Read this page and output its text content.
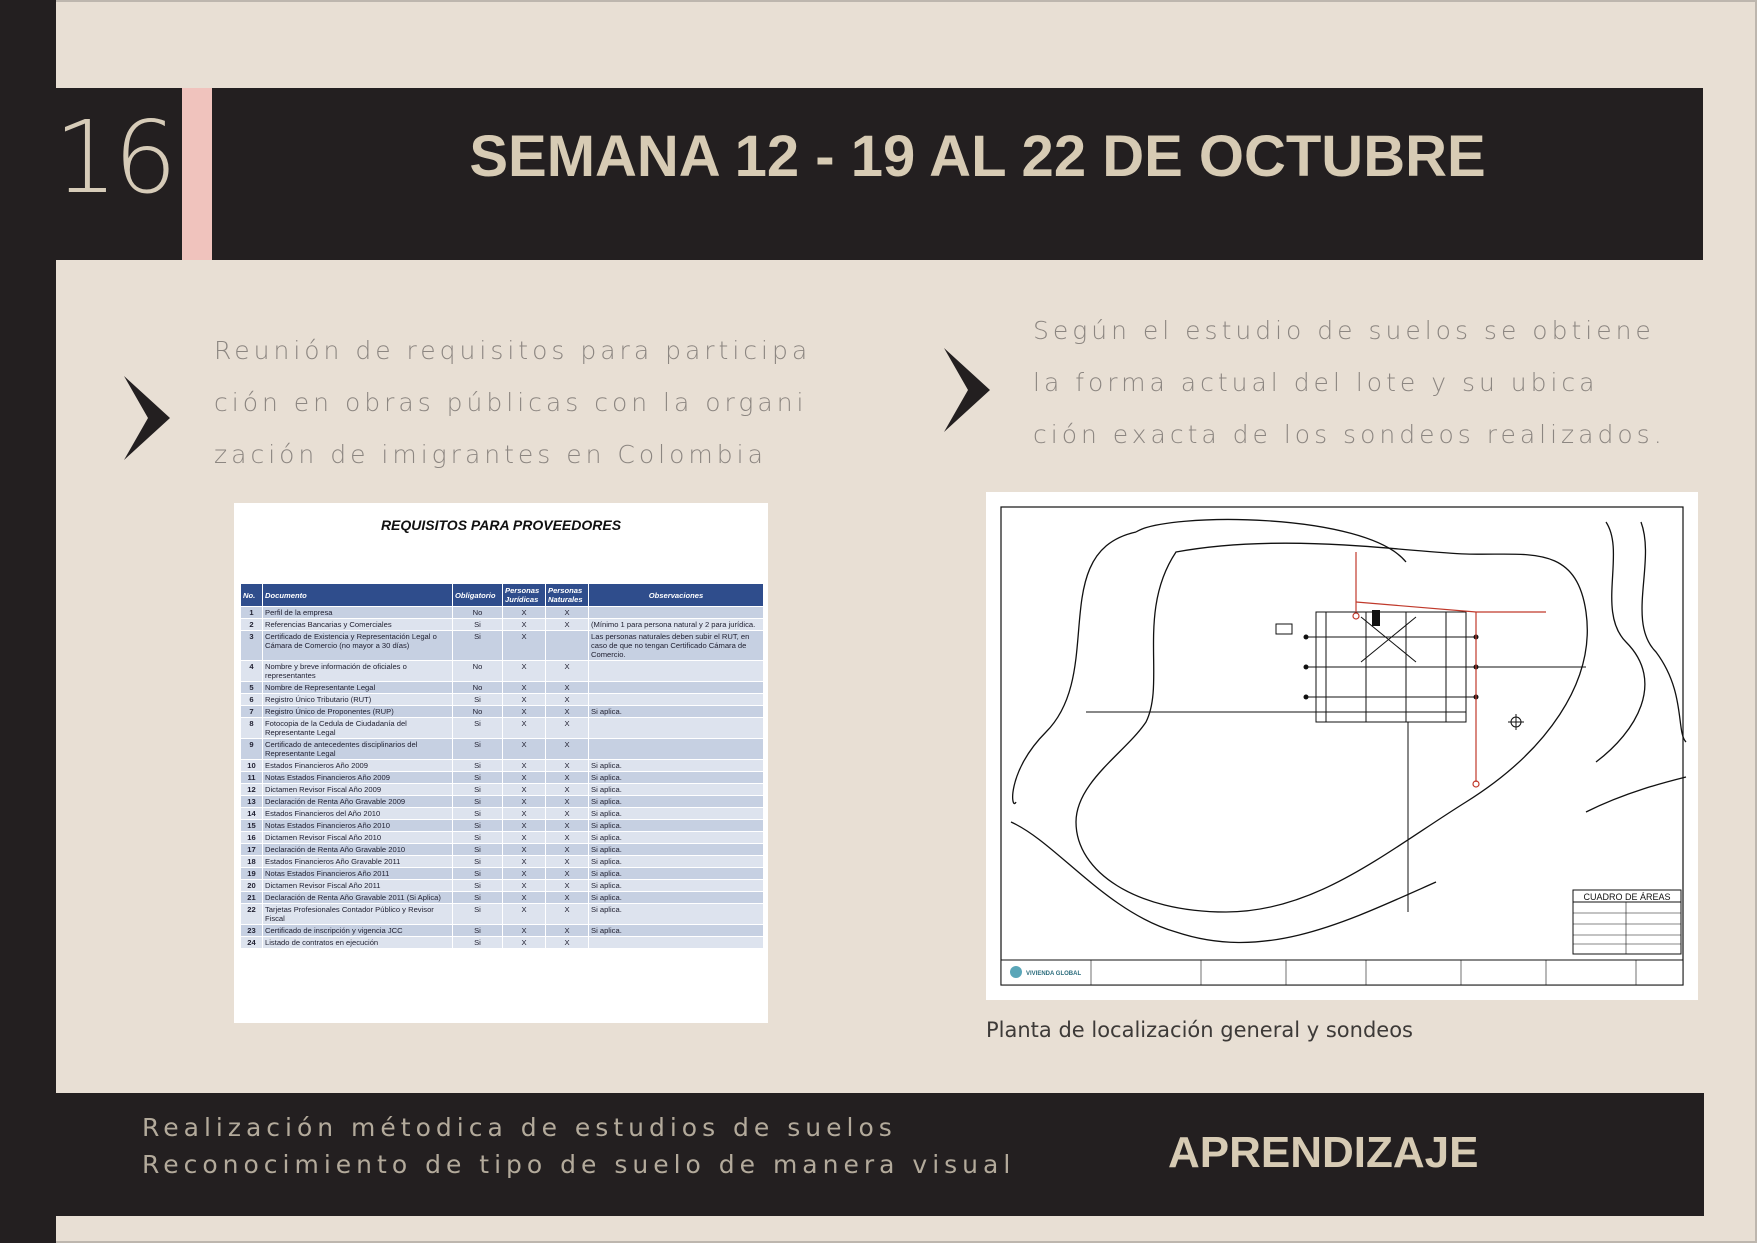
16	SEMANA 12 - 19 AL 22 DE OCTUBRE
Reunión de requisitos para participa
ción en obras públicas con la organi
zación de imigrantes en Colombia
Según el estudio de suelos se obtiene
la forma actual del lote y su ubica
ción exacta de los sondeos realizados.
REQUISITOS PARA PROVEEDORES
No.	Documento	Obligatorio	Personas Jurídicas	Personas Naturales	Observaciones
1	Perfil de la empresa	No	X	X	
2	Referencias Bancarias y Comerciales	Si	X	X	(Mínimo 1 para persona natural y 2 para jurídica.
3	Certificado de Existencia y Representación Legal o Cámara de Comercio (no mayor a 30 días)	Si	X		Las personas naturales deben subir el RUT, en caso de que no tengan Certificado Cámara de Comercio.
4	Nombre y breve información de oficiales o representantes	No	X	X	
5	Nombre de Representante Legal	No	X	X	
6	Registro Único Tributario (RUT)	Si	X	X	
7	Registro Único de Proponentes (RUP)	No	X	X	Si aplica.
8	Fotocopia de la Cedula de Ciudadanía del Representante Legal	Si	X	X	
9	Certificado de antecedentes disciplinarios del Representante Legal	Si	X	X	
10	Estados Financieros Año 2009	Si	X	X	Si aplica.
11	Notas Estados Financieros Año 2009	Si	X	X	Si aplica.
12	Dictamen Revisor Fiscal Año 2009	Si	X	X	Si aplica.
13	Declaración de Renta Año Gravable 2009	Si	X	X	Si aplica.
14	Estados Financieros del Año 2010	Si	X	X	Si aplica.
15	Notas Estados Financieros Año 2010	Si	X	X	Si aplica.
16	Dictamen Revisor Fiscal Año 2010	Si	X	X	Si aplica.
17	Declaración de Renta Año Gravable 2010	Si	X	X	Si aplica.
18	Estados Financieros Año Gravable 2011	Si	X	X	Si aplica.
19	Notas Estados Financieros Año 2011	Si	X	X	Si aplica.
20	Dictamen Revisor Fiscal Año 2011	Si	X	X	Si aplica.
21	Declaración de Renta Año Gravable 2011 (Si Aplica)	Si	X	X	Si aplica.
22	Tarjetas Profesionales Contador Público y Revisor Fiscal	Si	X	X	Si aplica.
23	Certificado de inscripción y vigencia JCC	Si	X	X	Si aplica.
24	Listado de contratos en ejecución	Si	X	X	
CUADRO DE ÁREAS
VIVIENDA GLOBAL
Planta de localización general y sondeos
Realización métodica de estudios de suelos
Reconocimiento de tipo de suelo de manera visual	APRENDIZAJE
